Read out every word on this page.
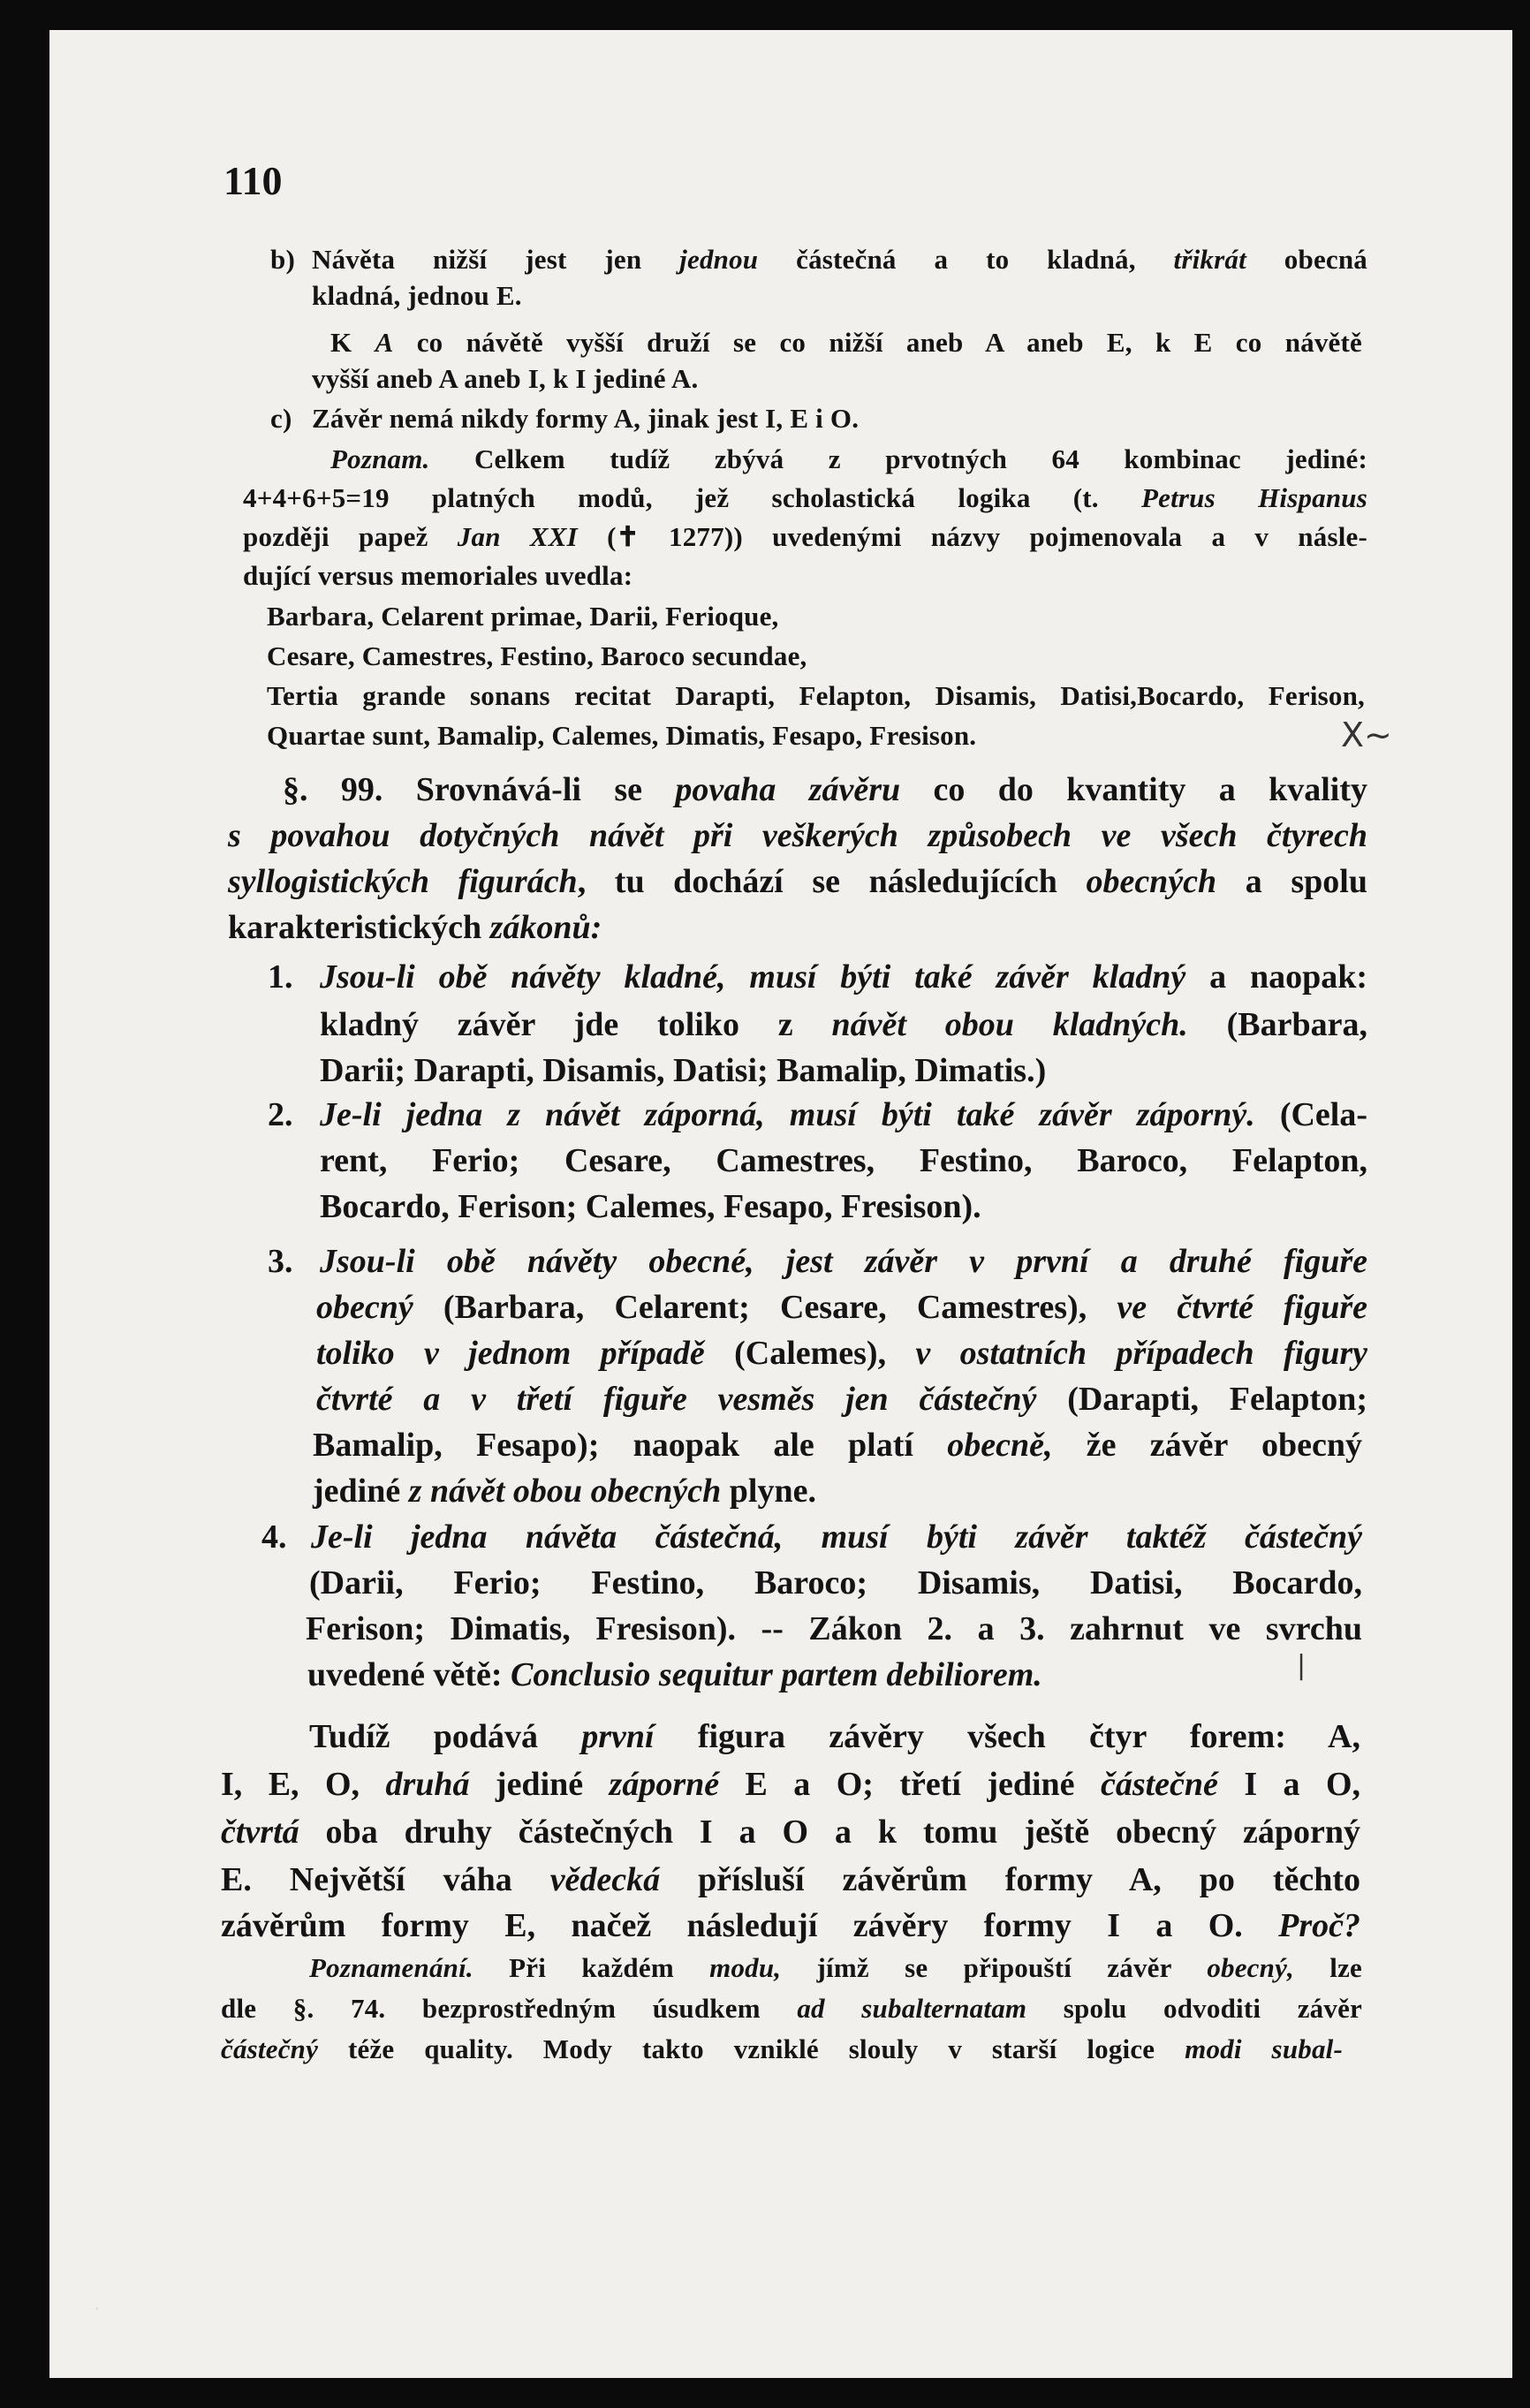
110
b) Návěta nižší jest jen jednou částečná a to kladná, třikrát obecná
kladná, jednou E.
K A co návětě vyšší druží se co nižší aneb A aneb E, k E co návětě
vyšší aneb A aneb I, k I jediné A.
c) Závěr nemá nikdy formy A, jinak jest I, E i O.
Poznam. Celkem tudíž zbývá z prvotných 64 kombinac jediné:
4+4+6+5=19 platných modů, jež scholastická logika (t. Petrus Hispanus
později papež Jan XXI (✝ 1277)) uvedenými názvy pojmenovala a v násle-
dující versus memoriales uvedla:
Barbara, Celarent primae, Darii, Ferioque,
Cesare, Camestres, Festino, Baroco secundae,
Tertia grande sonans recitat Darapti, Felapton, Disamis, Datisi,Bocardo, Ferison,
Quartae sunt, Bamalip, Calemes, Dimatis, Fesapo, Fresison.	X~
§. 99. Srovnává-li se povaha závěru co do kvantity a kvality
s povahou dotyčných návět při veškerých způsobech ve všech čtyrech
syllogistických figurách, tu dochází se následujících obecných a spolu
karakteristických zákonů:
1. Jsou-li obě návěty kladné, musí býti také závěr kladný a naopak:
kladný závěr jde toliko z návět obou kladných. (Barbara,
Darii; Darapti, Disamis, Datisi; Bamalip, Dimatis.)
2. Je-li jedna z návět záporná, musí býti také závěr záporný. (Cela-
rent, Ferio; Cesare, Camestres, Festino, Baroco, Felapton,
Bocardo, Ferison; Calemes, Fesapo, Fresison).
3. Jsou-li obě návěty obecné, jest závěr v první a druhé figuře
obecný (Barbara, Celarent; Cesare, Camestres), ve čtvrté figuře
toliko v jednom případě (Calemes), v ostatních případech figury
čtvrté a v třetí figuře vesměs jen částečný (Darapti, Felapton;
Bamalip, Fesapo); naopak ale platí obecně, že závěr obecný
jediné z návět obou obecných plyne.
4. Je-li jedna návěta částečná, musí býti závěr taktéž částečný
(Darii, Ferio; Festino, Baroco; Disamis, Datisi, Bocardo,
Ferison; Dimatis, Fresison). -- Zákon 2. a 3. zahrnut ve svrchu
uvedené větě: Conclusio sequitur partem debiliorem.	|
Tudíž podává první figura závěry všech čtyr forem: A,
I, E, O, druhá jediné záporné E a O; třetí jediné částečné I a O,
čtvrtá oba druhy částečných I a O a k tomu ještě obecný záporný
E. Největší váha vědecká přísluší závěrům formy A, po těchto
závěrům formy E, načež následují závěry formy I a O. Proč?
Poznamenání. Při každém modu, jímž se připouští závěr obecný, lze
dle §. 74. bezprostředným úsudkem ad subalternatam spolu odvoditi závěr
částečný téže quality. Mody takto vzniklé slouly v starší logice modi subal-
·
